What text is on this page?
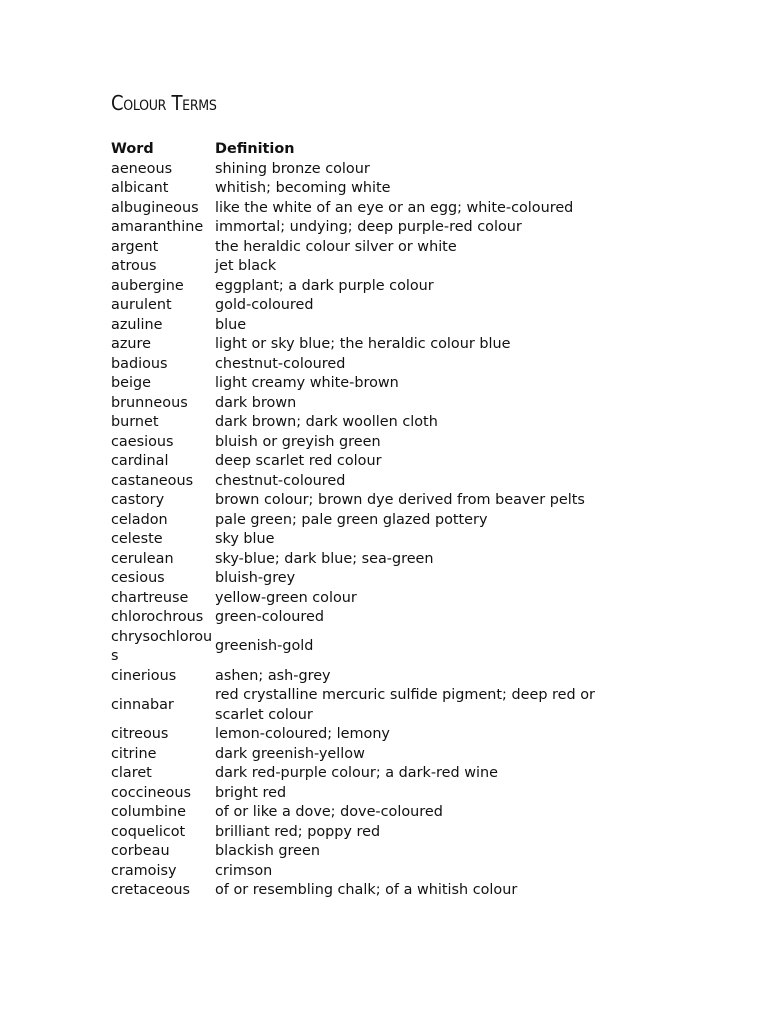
Colour Terms
Word	Definition
aeneous	shining bronze colour
albicant	whitish; becoming white
albugineous	like the white of an eye or an egg; white-coloured
amaranthine	immortal; undying; deep purple-red colour
argent	the heraldic colour silver or white
atrous	jet black
aubergine	eggplant; a dark purple colour
aurulent	gold-coloured
azuline	blue
azure	light or sky blue; the heraldic colour blue
badious	chestnut-coloured
beige	light creamy white-brown
brunneous	dark brown
burnet	dark brown; dark woollen cloth
caesious	bluish or greyish green
cardinal	deep scarlet red colour
castaneous	chestnut-coloured
castory	brown colour; brown dye derived from beaver pelts
celadon	pale green; pale green glazed pottery
celeste	sky blue
cerulean	sky-blue; dark blue; sea-green
cesious	bluish-grey
chartreuse	yellow-green colour
chlorochrous	green-coloured
chrysochlorous	greenish-gold
cinerious	ashen; ash-grey
cinnabar	red crystalline mercuric sulfide pigment; deep red or scarlet colour
citreous	lemon-coloured; lemony
citrine	dark greenish-yellow
claret	dark red-purple colour; a dark-red wine
coccineous	bright red
columbine	of or like a dove; dove-coloured
coquelicot	brilliant red; poppy red
corbeau	blackish green
cramoisy	crimson
cretaceous	of or resembling chalk; of a whitish colour
